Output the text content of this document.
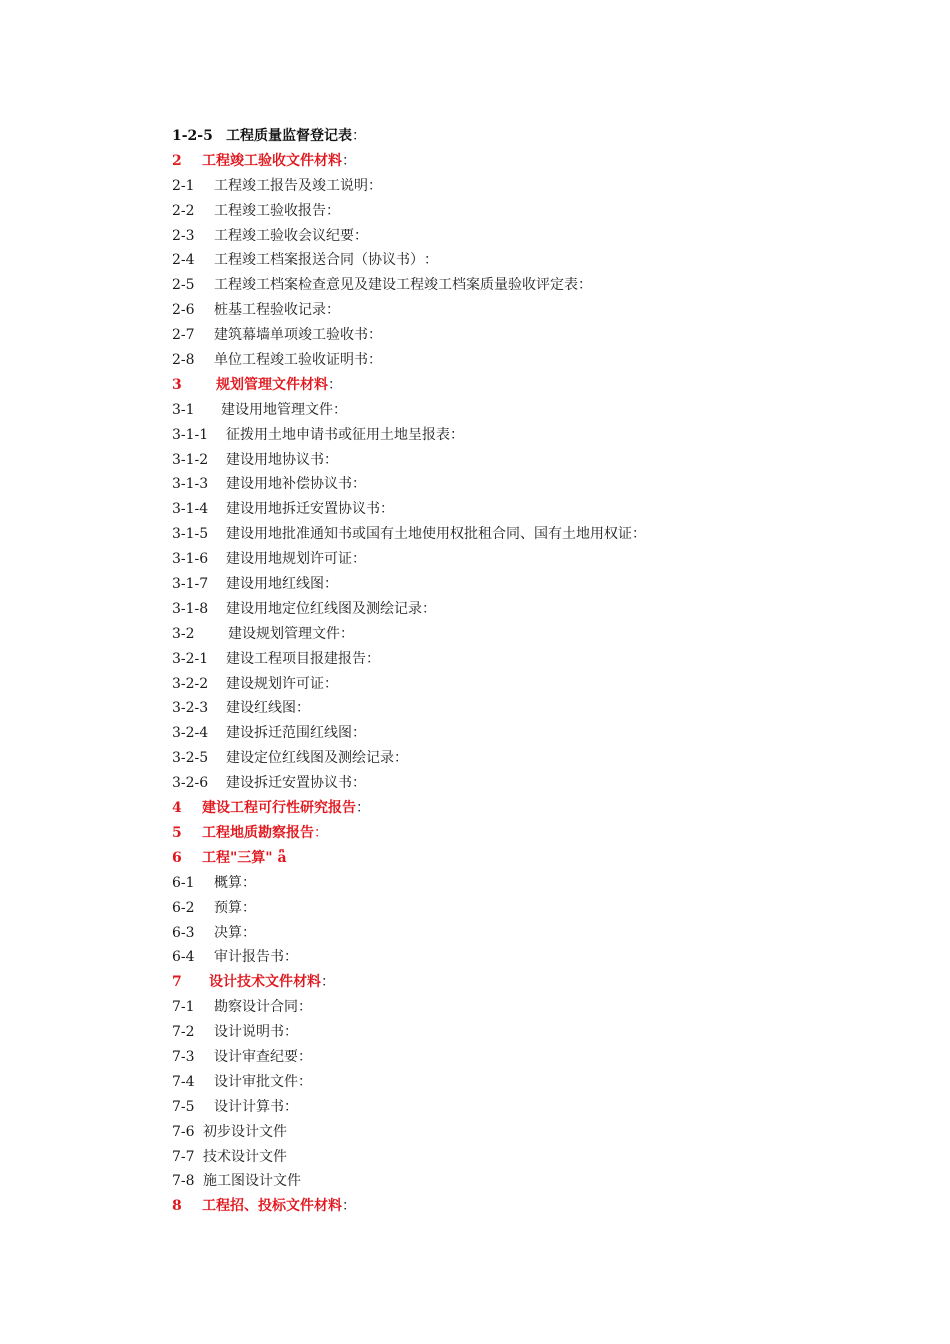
1-2-5 工程质量监督登记表 ：
2	工程竣工验收文件材料 ：
2-1	工程竣工报告及竣工说明 ：
2-2	工程竣工验收报告 ：
2-3	工程竣工验收会议纪要 ：
2-4	工程竣工档案报送合同（协议书） ：
2-5	工程竣工档案检查意见及建设工程竣工档案质量验收评定表 ：
2-6	桩基工程验收记录 ：
2-7	建筑幕墙单项竣工验收书 ：
2-8	单位工程竣工验收证明书 ：
3	规划管理文件材料 ：
3-1	建设用地管理文件 ：
3-1-1	征拨用土地申请书或征用土地呈报表 ：
3-1-2	建设用地协议书 ：
3-1-3	建设用地补偿协议书 ：
3-1-4	建设用地拆迁安置协议书 ：
3-1-5	建设用地批准通知书或国有土地使用权批租合同、国有土地用权证 ：
3-1-6	建设用地规划许可证 ：
3-1-7	建设用地红线图 ：
3-1-8	建设用地定位红线图及测绘记录 ：
3-2	建设规划管理文件 ：
3-2-1	建设工程项目报建报告 ：
3-2-2	建设规划许可证 ：
3-2-3	建设红线图 ：
3-2-4	建设拆迁范围红线图 ：
3-2-5	建设定位红线图及测绘记录 ：
3-2-6	建设拆迁安置协议书 ：
4	建设工程可行性研究报告 ：
5	工程地质勘察报告 ：
6	工程"三算" ǟ
6-1	概算 ：
6-2	预算 ：
6-3	决算 ：
6-4	审计报告书 ：
7	设计技术文件材料 ：
7-1	勘察设计合同 ：
7-2	设计说明书 ：
7-3	设计审查纪要 ：
7-4	设计审批文件 ：
7-5	设计计算书 ：
7-6 初步设计文件
7-7 技术设计文件
7-8 施工图设计文件
8	工程招、投标文件材料 ：
